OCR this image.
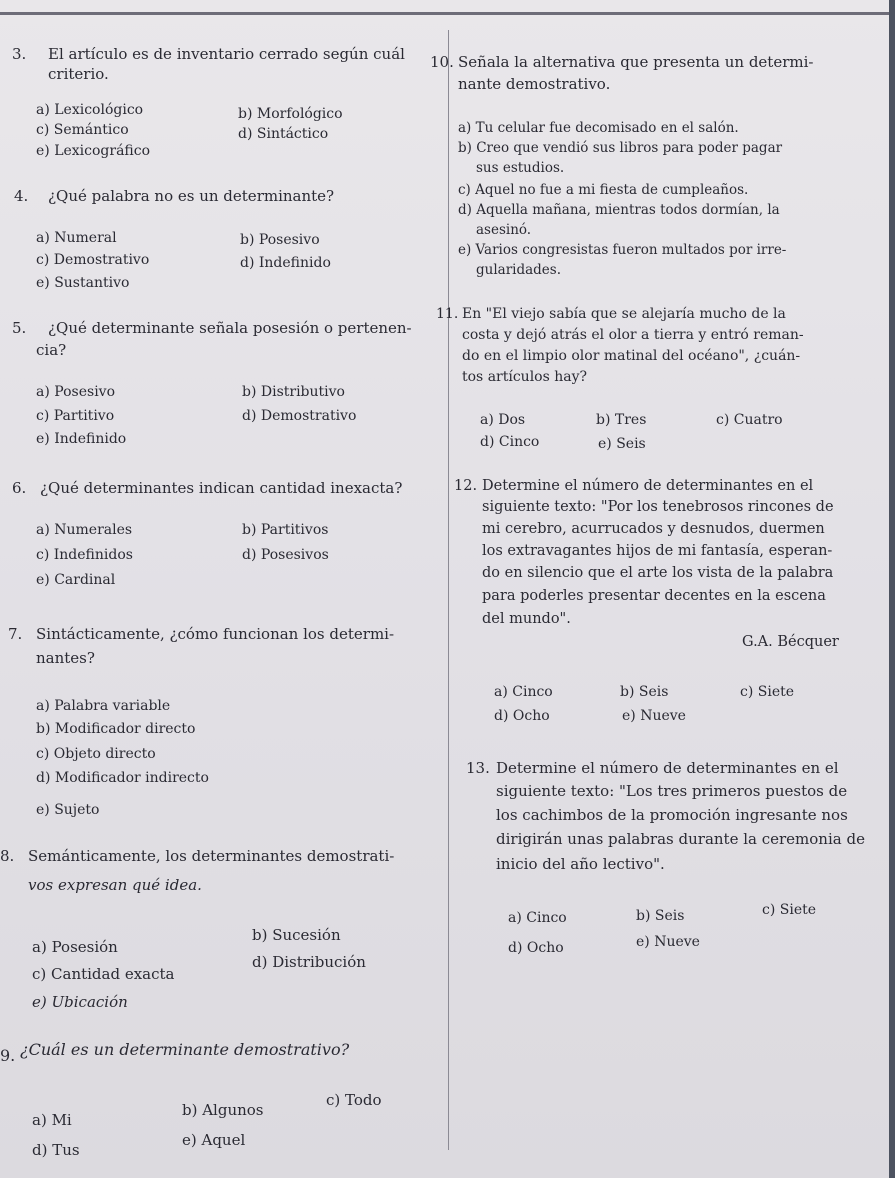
3. El artículo es de inventario cerrado según cuál
criterio.
a) Lexicológico	b) Morfológico
c) Semántico	d) Sintáctico
e) Lexicográfico
4. ¿Qué palabra no es un determinante?
a) Numeral	b) Posesivo
c) Demostrativo	d) Indefinido
e) Sustantivo
5. ¿Qué determinante señala posesión o pertenen-
cia?
a) Posesivo	b) Distributivo
c) Partitivo	d) Demostrativo
e) Indefinido
6. ¿Qué determinantes indican cantidad inexacta?
a) Numerales	b) Partitivos
c) Indefinidos	d) Posesivos
e) Cardinal
7. Sintácticamente, ¿cómo funcionan los determi-
nantes?
a) Palabra variable
b) Modificador directo
c) Objeto directo
d) Modificador indirecto
e) Sujeto
8. Semánticamente, los determinantes demostrati-
vos expresan qué idea.
a) Posesión
b) Sucesión
c) Cantidad exacta
d) Distribución
e) Ubicación
9. ¿Cuál es un determinante demostrativo?
a) Mi
b) Algunos
c) Todo
d) Tus
e) Aquel
10. Señala la alternativa que presenta un determi-
nante demostrativo.
a) Tu celular fue decomisado en el salón.
b) Creo que vendió sus libros para poder pagar
sus estudios.
c) Aquel no fue a mi fiesta de cumpleaños.
d) Aquella mañana, mientras todos dormían, la
asesinó.
e) Varios congresistas fueron multados por irre-
gularidades.
11. En "El viejo sabía que se alejaría mucho de la
costa y dejó atrás el olor a tierra y entró reman-
do en el limpio olor matinal del océano", ¿cuán-
tos artículos hay?
a) Dos	b) Tres	c) Cuatro
d) Cinco	e) Seis
12. Determine el número de determinantes en el
siguiente texto: "Por los tenebrosos rincones de
mi cerebro, acurrucados y desnudos, duermen
los extravagantes hijos de mi fantasía, esperan-
do en silencio que el arte los vista de la palabra
para poderles presentar decentes en la escena
del mundo".
G.A. Bécquer
a) Cinco	b) Seis	c) Siete
d) Ocho	e) Nueve
13. Determine el número de determinantes en el
siguiente texto: "Los tres primeros puestos de
los cachimbos de la promoción ingresante nos
dirigirán unas palabras durante la ceremonia de
inicio del año lectivo".
a) Cinco	b) Seis	c) Siete
d) Ocho	e) Nueve
